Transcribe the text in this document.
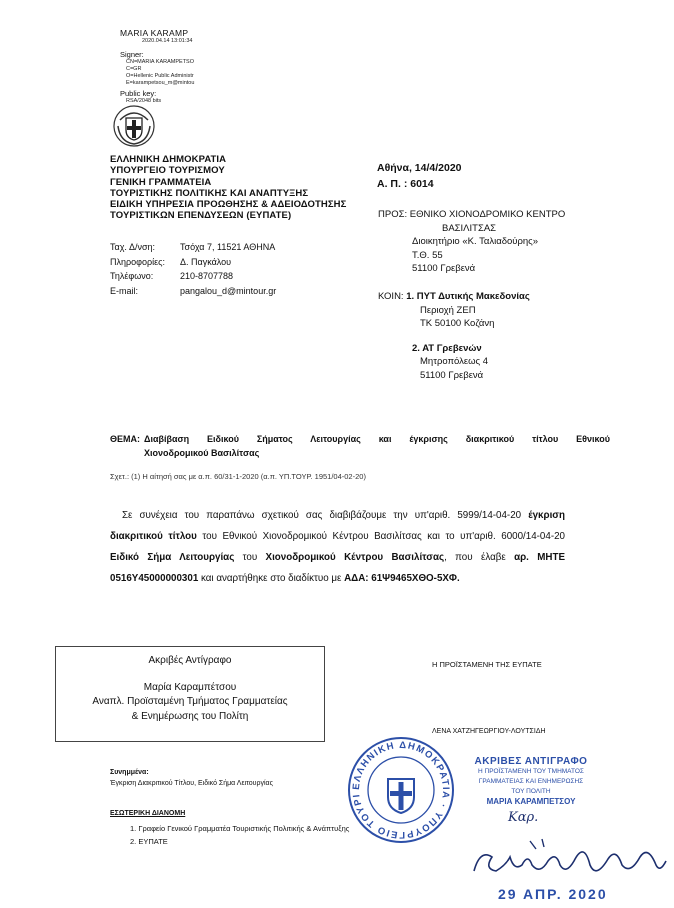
MARIA KARAMP
2020.04.14 13:01:34
Signer:
CN=MARIA KARAMPETSO
C=GR
O=Hellenic Public Administr
E=karampetsou_m@mintou
Public key:
RSA/2048 bits
ΕΛΛΗΝΙΚΗ ΔΗΜΟΚΡΑΤΙΑ
ΥΠΟΥΡΓΕΙΟ ΤΟΥΡΙΣΜΟΥ
ΓΕΝΙΚΗ ΓΡΑΜΜΑΤΕΙΑ
ΤΟΥΡΙΣΤΙΚΗΣ ΠΟΛΙΤΙΚΗΣ ΚΑΙ ΑΝΑΠΤΥΞΗΣ
ΕΙΔΙΚΗ ΥΠΗΡΕΣΙΑ ΠΡΟΩΘΗΣΗΣ & ΑΔΕΙΟΔΟΤΗΣΗΣ
ΤΟΥΡΙΣΤΙΚΩΝ ΕΠΕΝΔΥΣΕΩΝ (ΕΥΠΑΤΕ)
Ταχ. Δ/νση:	Τσόχα 7, 11521 ΑΘΗΝΑ
Πληροφορίες: Δ. Παγκάλου
Τηλέφωνο:	210-8707788
E-mail:	pangalou_d@mintour.gr
Αθήνα, 14/4/2020
Α. Π. : 6014
ΠΡΟΣ: ΕΘΝΙΚΟ ΧΙΟΝΟΔΡΟΜΙΚΟ ΚΕΝΤΡΟ
ΒΑΣΙΛΙΤΣΑΣ
Διοικητήριο «Κ. Ταλιαδούρης»
Τ.Θ. 55
51100 Γρεβενά
ΚΟΙΝ: 1. ΠΥΤ Δυτικής Μακεδονίας
Περιοχή ΖΕΠ
ΤΚ 50100 Κοζάνη
2. ΑΤ Γρεβενών
Μητροπόλεως 4
51100 Γρεβενά
ΘΕΜΑ: Διαβίβαση Ειδικού Σήματος Λειτουργίας και έγκρισης διακριτικού τίτλου Εθνικού
Χιονοδρομικού Βασιλίτσας
Σχετ.: (1) Η αίτησή σας με α.π. 60/31-1-2020 (α.π. ΥΠ.ΤΟΥΡ. 1951/04-02-20)
Σε συνέχεια του παραπάνω σχετικού σας διαβιβάζουμε την υπ'αριθ. 5999/14-04-20 έγκριση διακριτικού τίτλου του Εθνικού Χιονοδρομικού Κέντρου Βασιλίτσας και το υπ'αριθ. 6000/14-04-20 Ειδικό Σήμα Λειτουργίας του Χιονοδρομικού Κέντρου Βασιλίτσας, που έλαβε αρ. ΜΗΤΕ 0516Υ45000000301 και αναρτήθηκε στο διαδίκτυο με ΑΔΑ: 61Ψ9465ΧΘΟ-5ΧΦ.
Ακριβές Αντίγραφο
Μαρία Καραμπέτσου
Αναπλ. Προϊσταμένη Τμήματος Γραμματείας
& Ενημέρωσης του Πολίτη
Η ΠΡΟΪΣΤΑΜΕΝΗ ΤΗΣ ΕΥΠΑΤΕ
ΛΕΝΑ ΧΑΤΖΗΓΕΩΡΓΙΟΥ-ΛΟΥΤΣΙΔΗ
ΕΛΛΗΝΙΚΗ ΔΗΜΟΚΡΑΤΙΑ · ΥΠΟΥΡΓΕΙΟ ΤΟΥΡΙ
ΑΚΡΙΒΕΣ ΑΝΤΙΓΡΑΦΟ
Η ΠΡΟΪΣΤΑΜΕΝΗ ΤΟΥ ΤΜΗΜΑΤΟΣ
ΓΡΑΜΜΑΤΕΙΑΣ ΚΑΙ ΕΝΗΜΕΡΩΣΗΣ
ΤΟΥ ΠΟΛΙΤΗ
ΜΑΡΙΑ ΚΑΡΑΜΠΕΤΣΟΥ
Καρ.
29 ΑΠΡ. 2020
Συνημμένα:
Έγκριση Διακριτικού Τίτλου, Ειδικό Σήμα Λειτουργίας
ΕΣΩΤΕΡΙΚΗ ΔΙΑΝΟΜΗ
1. Γραφείο Γενικού Γραμματέα Τουριστικής Πολιτικής & Ανάπτυξης
2. ΕΥΠΑΤΕ
